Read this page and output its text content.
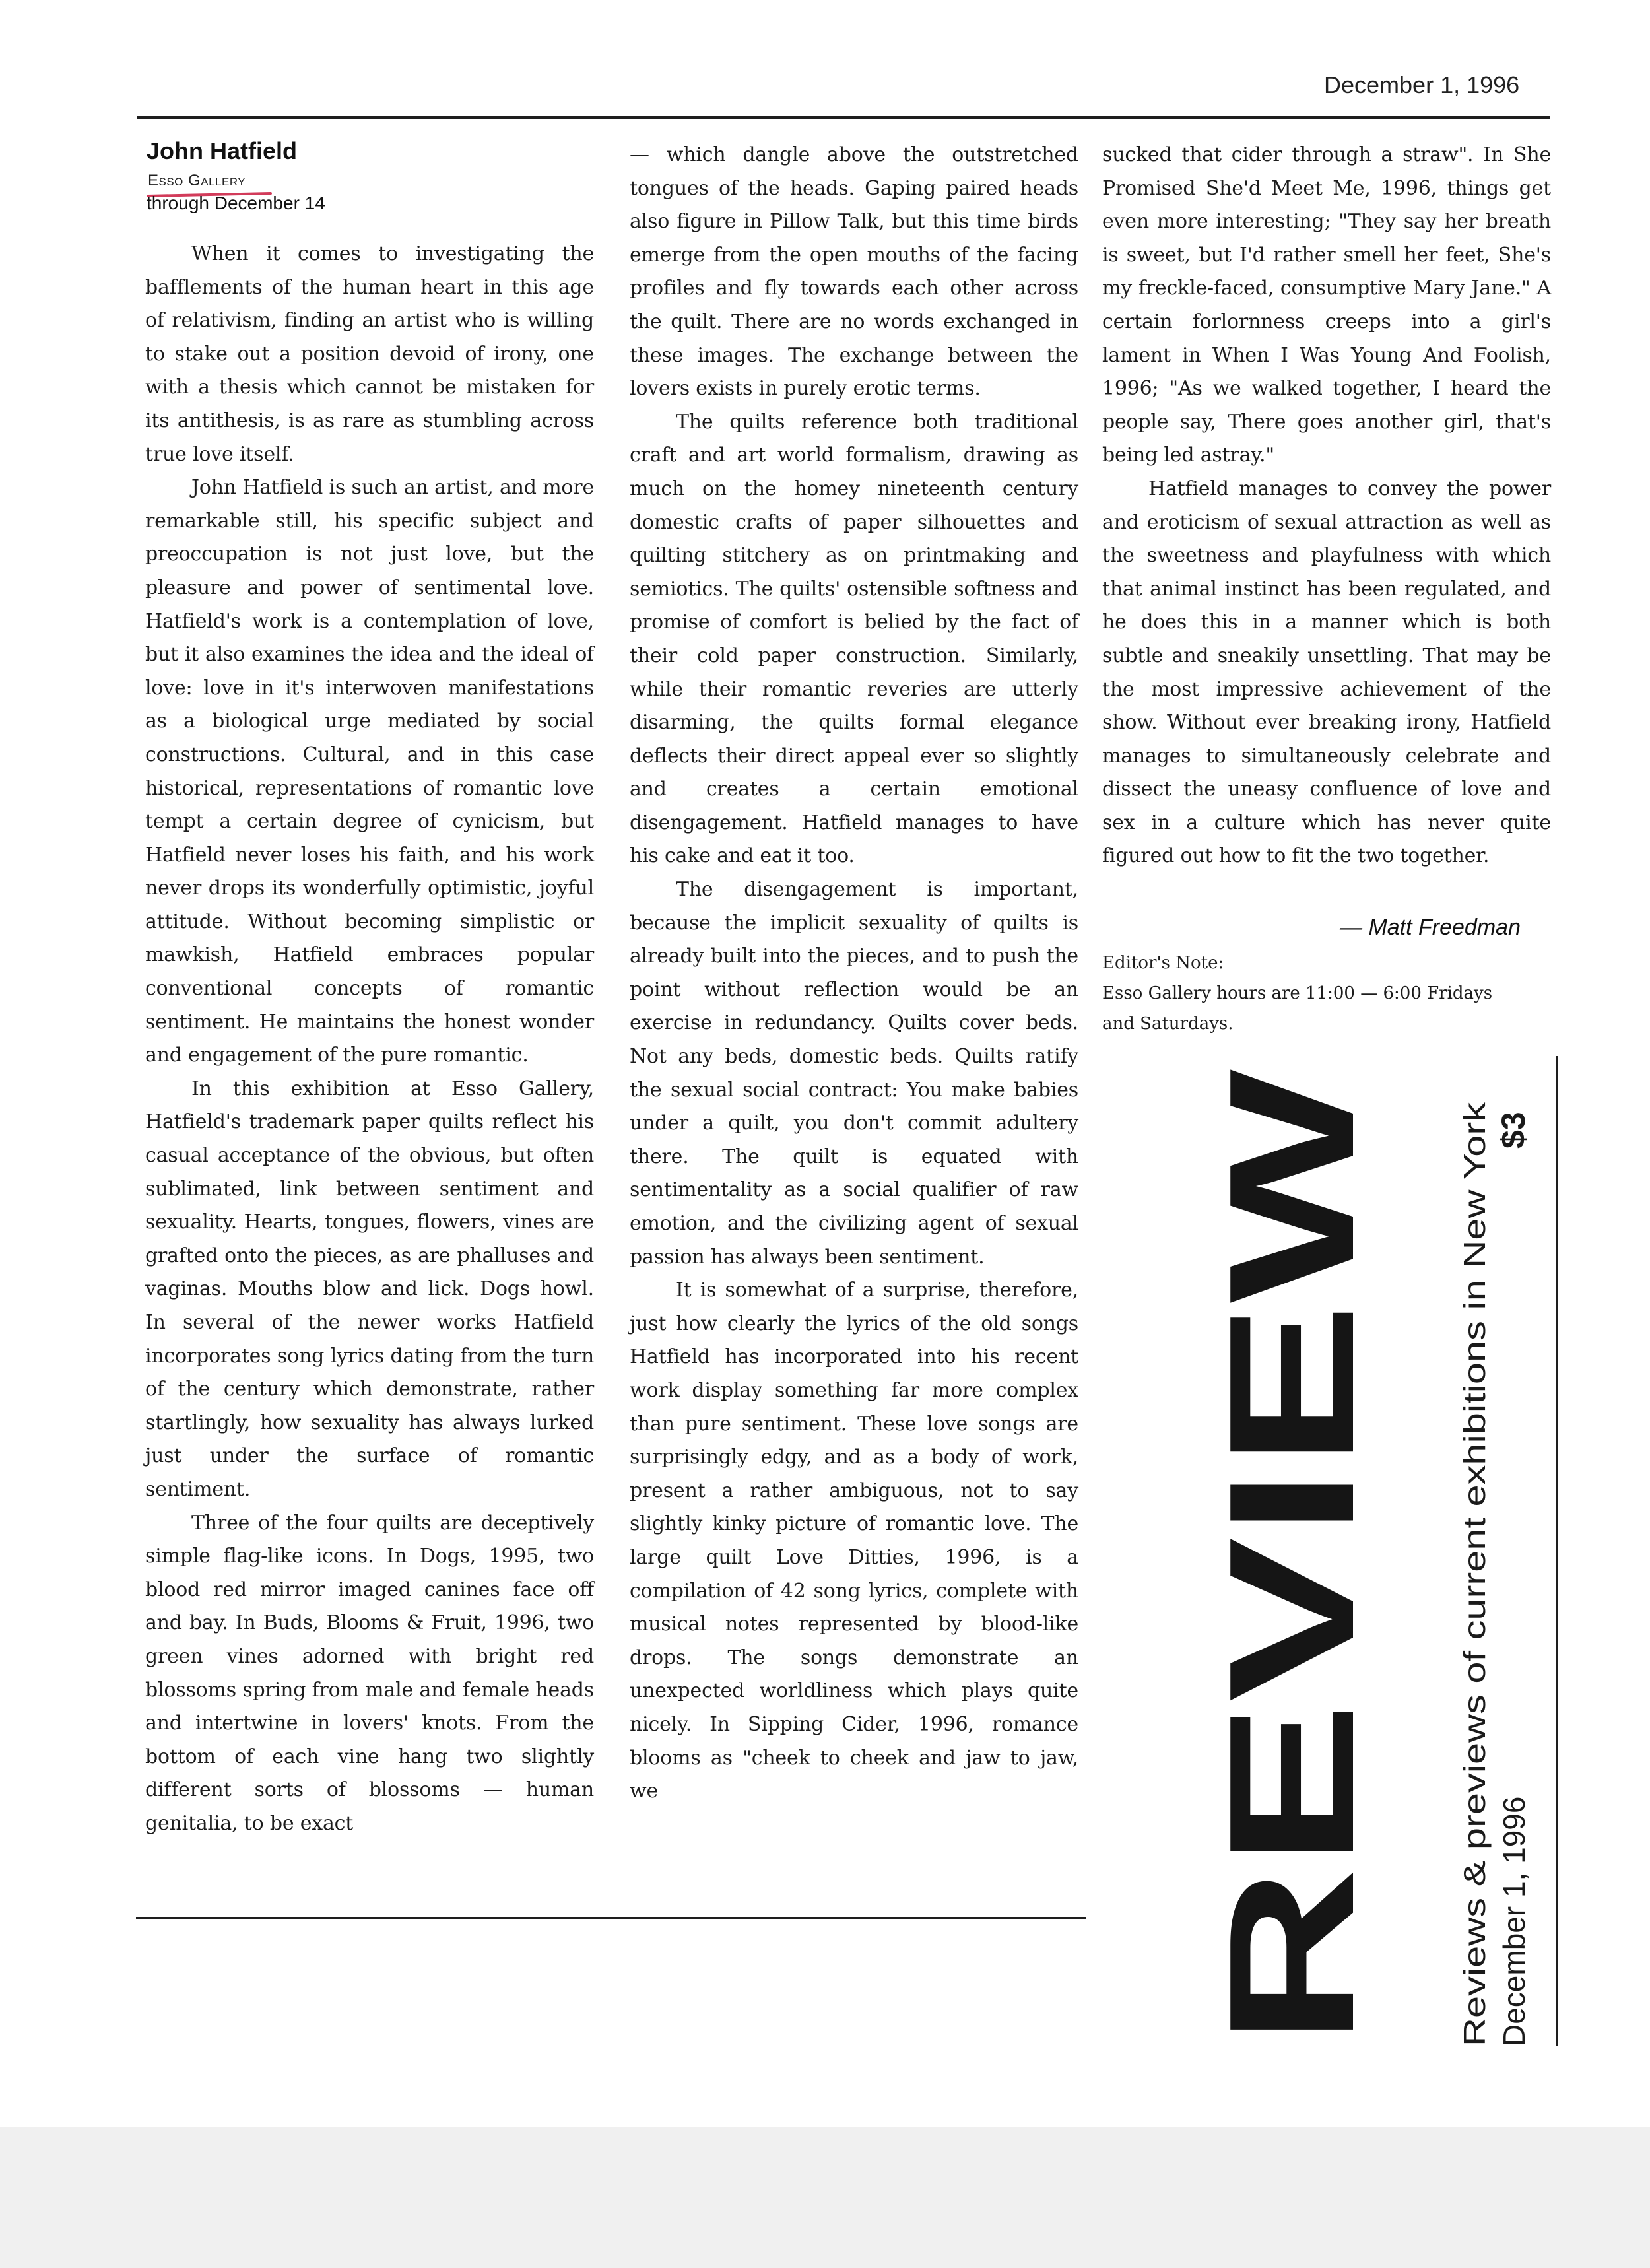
December 1, 1996
John Hatfield
Esso Gallery
through December 14

When it comes to investigating the bafflements of the human heart in this age of relativism, finding an artist who is willing to stake out a position devoid of irony, one with a thesis which cannot be mistaken for its antithesis, is as rare as stumbling across true love itself.

John Hatfield is such an artist, and more remarkable still, his specific subject and preoccupation is not just love, but the pleasure and power of sentimental love. Hatfield's work is a contemplation of love, but it also examines the idea and the ideal of love: love in it's interwoven manifestations as a biological urge mediated by social constructions. Cultural, and in this case historical, representations of romantic love tempt a certain degree of cynicism, but Hatfield never loses his faith, and his work never drops its wonderfully optimistic, joyful attitude. Without becoming simplistic or mawkish, Hatfield embraces popular conventional concepts of romantic sentiment. He maintains the honest wonder and engagement of the pure romantic.

In this exhibition at Esso Gallery, Hatfield's trademark paper quilts reflect his casual acceptance of the obvious, but often sublimated, link between sentiment and sexuality. Hearts, tongues, flowers, vines are grafted onto the pieces, as are phalluses and vaginas. Mouths blow and lick. Dogs howl. In several of the newer works Hatfield incorporates song lyrics dating from the turn of the century which demonstrate, rather startlingly, how sexuality has always lurked just under the surface of romantic sentiment.

Three of the four quilts are deceptively simple flag-like icons. In Dogs, 1995, two blood red mirror imaged canines face off and bay. In Buds, Blooms & Fruit, 1996, two green vines adorned with bright red blossoms spring from male and female heads and intertwine in lovers' knots. From the bottom of each vine hang two slightly different sorts of blossoms — human genitalia, to be exact

— which dangle above the outstretched tongues of the heads. Gaping paired heads also figure in Pillow Talk, but this time birds emerge from the open mouths of the facing profiles and fly towards each other across the quilt. There are no words exchanged in these images. The exchange between the lovers exists in purely erotic terms.

The quilts reference both traditional craft and art world formalism, drawing as much on the homey nineteenth century domestic crafts of paper silhouettes and quilting stitchery as on printmaking and semiotics. The quilts' ostensible softness and promise of comfort is belied by the fact of their cold paper construction. Similarly, while their romantic reveries are utterly disarming, the quilts formal elegance deflects their direct appeal ever so slightly and creates a certain emotional disengagement. Hatfield manages to have his cake and eat it too.

The disengagement is important, because the implicit sexuality of quilts is already built into the pieces, and to push the point without reflection would be an exercise in redundancy. Quilts cover beds. Not any beds, domestic beds. Quilts ratify the sexual social contract: You make babies under a quilt, you don't commit adultery there. The quilt is equated with sentimentality as a social qualifier of raw emotion, and the civilizing agent of sexual passion has always been sentiment.

It is somewhat of a surprise, therefore, just how clearly the lyrics of the old songs Hatfield has incorporated into his recent work display something far more complex than pure sentiment. These love songs are surprisingly edgy, and as a body of work, present a rather ambiguous, not to say slightly kinky picture of romantic love. The large quilt Love Ditties, 1996, is a compilation of 42 song lyrics, complete with musical notes represented by blood-like drops. The songs demonstrate an unexpected worldliness which plays quite nicely. In Sipping Cider, 1996, romance blooms as "cheek to cheek and jaw to jaw, we

sucked that cider through a straw". In She Promised She'd Meet Me, 1996, things get even more interesting; "They say her breath is sweet, but I'd rather smell her feet, She's my freckle-faced, consumptive Mary Jane." A certain forlornness creeps into a girl's lament in When I Was Young And Foolish, 1996; "As we walked together, I heard the people say, There goes another girl, that's being led astray."

Hatfield manages to convey the power and eroticism of sexual attraction as well as the sweetness and playfulness with which that animal instinct has been regulated, and he does this in a manner which is both subtle and sneakily unsettling. That may be the most impressive achievement of the show. Without ever breaking irony, Hatfield manages to simultaneously celebrate and dissect the uneasy confluence of love and sex in a culture which has never quite figured out how to fit the two together.

— Matt Freedman
Editor's Note:
Esso Gallery hours are 11:00 — 6:00 Fridays
and Saturdays.
REVIEW Reviews & previews of current exhibitions in New York December 1, 1996
$3
